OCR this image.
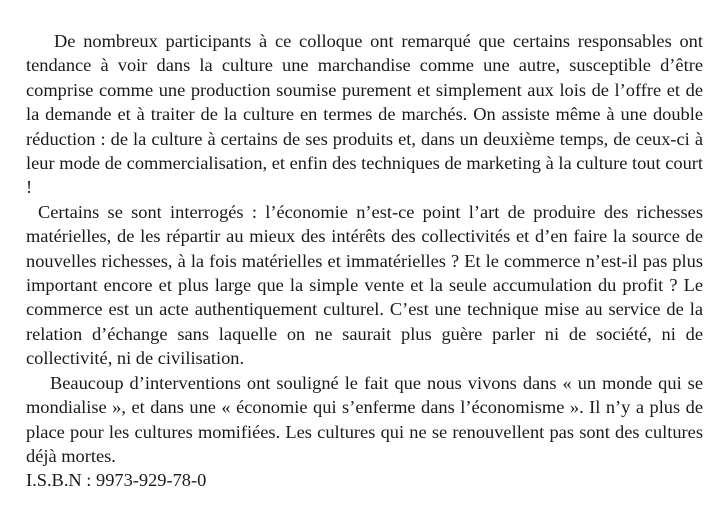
De nombreux participants à ce colloque ont remarqué que certains responsables ont tendance à voir dans la culture une marchandise comme une autre, susceptible d’être comprise comme une production soumise purement et simplement aux lois de l’offre et de la demande et à traiter de la culture en termes de marchés. On assiste même à une double réduction : de la culture à certains de ses produits et, dans un deuxième temps, de ceux-ci à leur mode de commercialisation, et enfin des techniques de marketing à la culture tout court !

Certains se sont interrogés : l’économie n’est-ce point l’art de produire des richesses matérielles, de les répartir au mieux des intérêts des collectivités et d’en faire la source de nouvelles richesses, à la fois matérielles et immatérielles ? Et le commerce n’est-il pas plus important encore et plus large que la simple vente et la seule accumulation du profit ? Le commerce est un acte authentiquement culturel. C’est une technique mise au service de la relation d’échange sans laquelle on ne saurait plus guère parler ni de société, ni de collectivité, ni de civilisation.

Beaucoup d’interventions ont souligné le fait que nous vivons dans « un monde qui se mondialise », et dans une « économie qui s’enferme dans l’économisme ». Il n’y a plus de place pour les cultures momifiées. Les cultures qui ne se renouvellent pas sont des cultures déjà mortes.

I.S.B.N : 9973-929-78-0
